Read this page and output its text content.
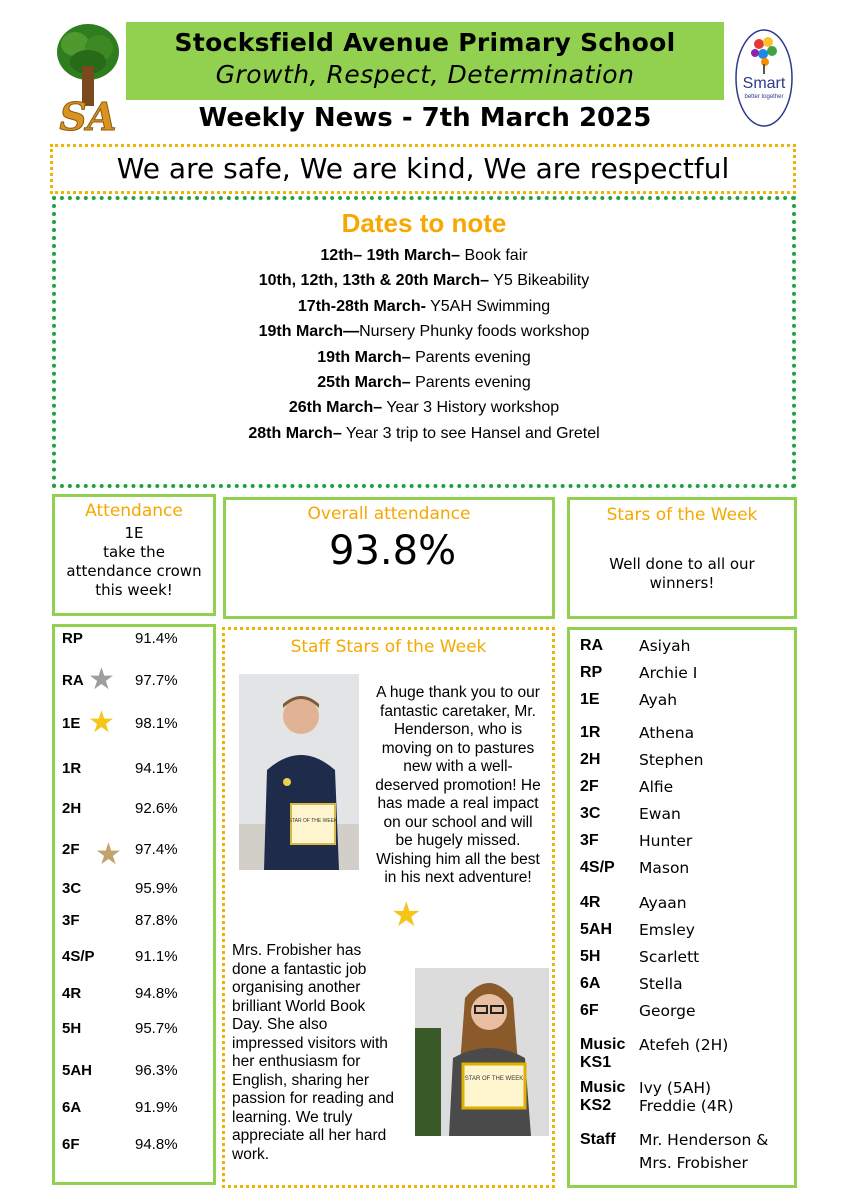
SA
Stocksfield Avenue Primary School
Growth, Respect, Determination
Weekly News - 7th March 2025
Smart
better together
We are safe, We are kind, We are respectful
Dates to note
12th– 19th March– Book fair
10th, 12th, 13th & 20th March– Y5 Bikeability
17th-28th March- Y5AH Swimming
19th March—Nursery Phunky foods workshop
19th March– Parents evening
25th March– Parents evening
26th March– Year 3 History workshop
28th March– Year 3 trip to see Hansel and Gretel
Attendance
1E
take the
attendance crown
this week!
Overall attendance
93.8%
Stars of the Week
Well done to all our
winners!
RP	91.4%
RA ★ 97.7%
1E ★ 98.1%
1R	94.1%
2H	92.6%
2F ★ 97.4%
3C	95.9%
3F	87.8%
4S/P	91.1%
4R	94.8%
5H	95.7%
5AH	96.3%
6A	91.9%
6F	94.8%
Staff Stars of the Week
STAR OF THE WEEK
A huge thank you to our
fantastic caretaker, Mr.
Henderson, who is
moving on to pastures
new with a well-
deserved promotion! He
has made a real impact
on our school and will
be hugely missed.
Wishing him all the best
in his next adventure!
★
Mrs. Frobisher has
done a fantastic job
organising another
brilliant World Book
Day. She also
impressed visitors with
her enthusiasm for
English, sharing her
passion for reading and
learning. We truly
appreciate all her hard
work.
STAR OF THE WEEK
RA Asiyah
RP Archie I
1E	Ayah
1R Athena
2H Stephen
2F	Alfie
3C Ewan
3F	Hunter
4S/P Mason
4R Ayaan
5AH Emsley
5H Scarlett
6A Stella
6F	George
Music KS1
Atefeh (2H)
Music KS2
Ivy (5AH) Freddie (4R)
Staff Mr. Henderson & Mrs. Frobisher
